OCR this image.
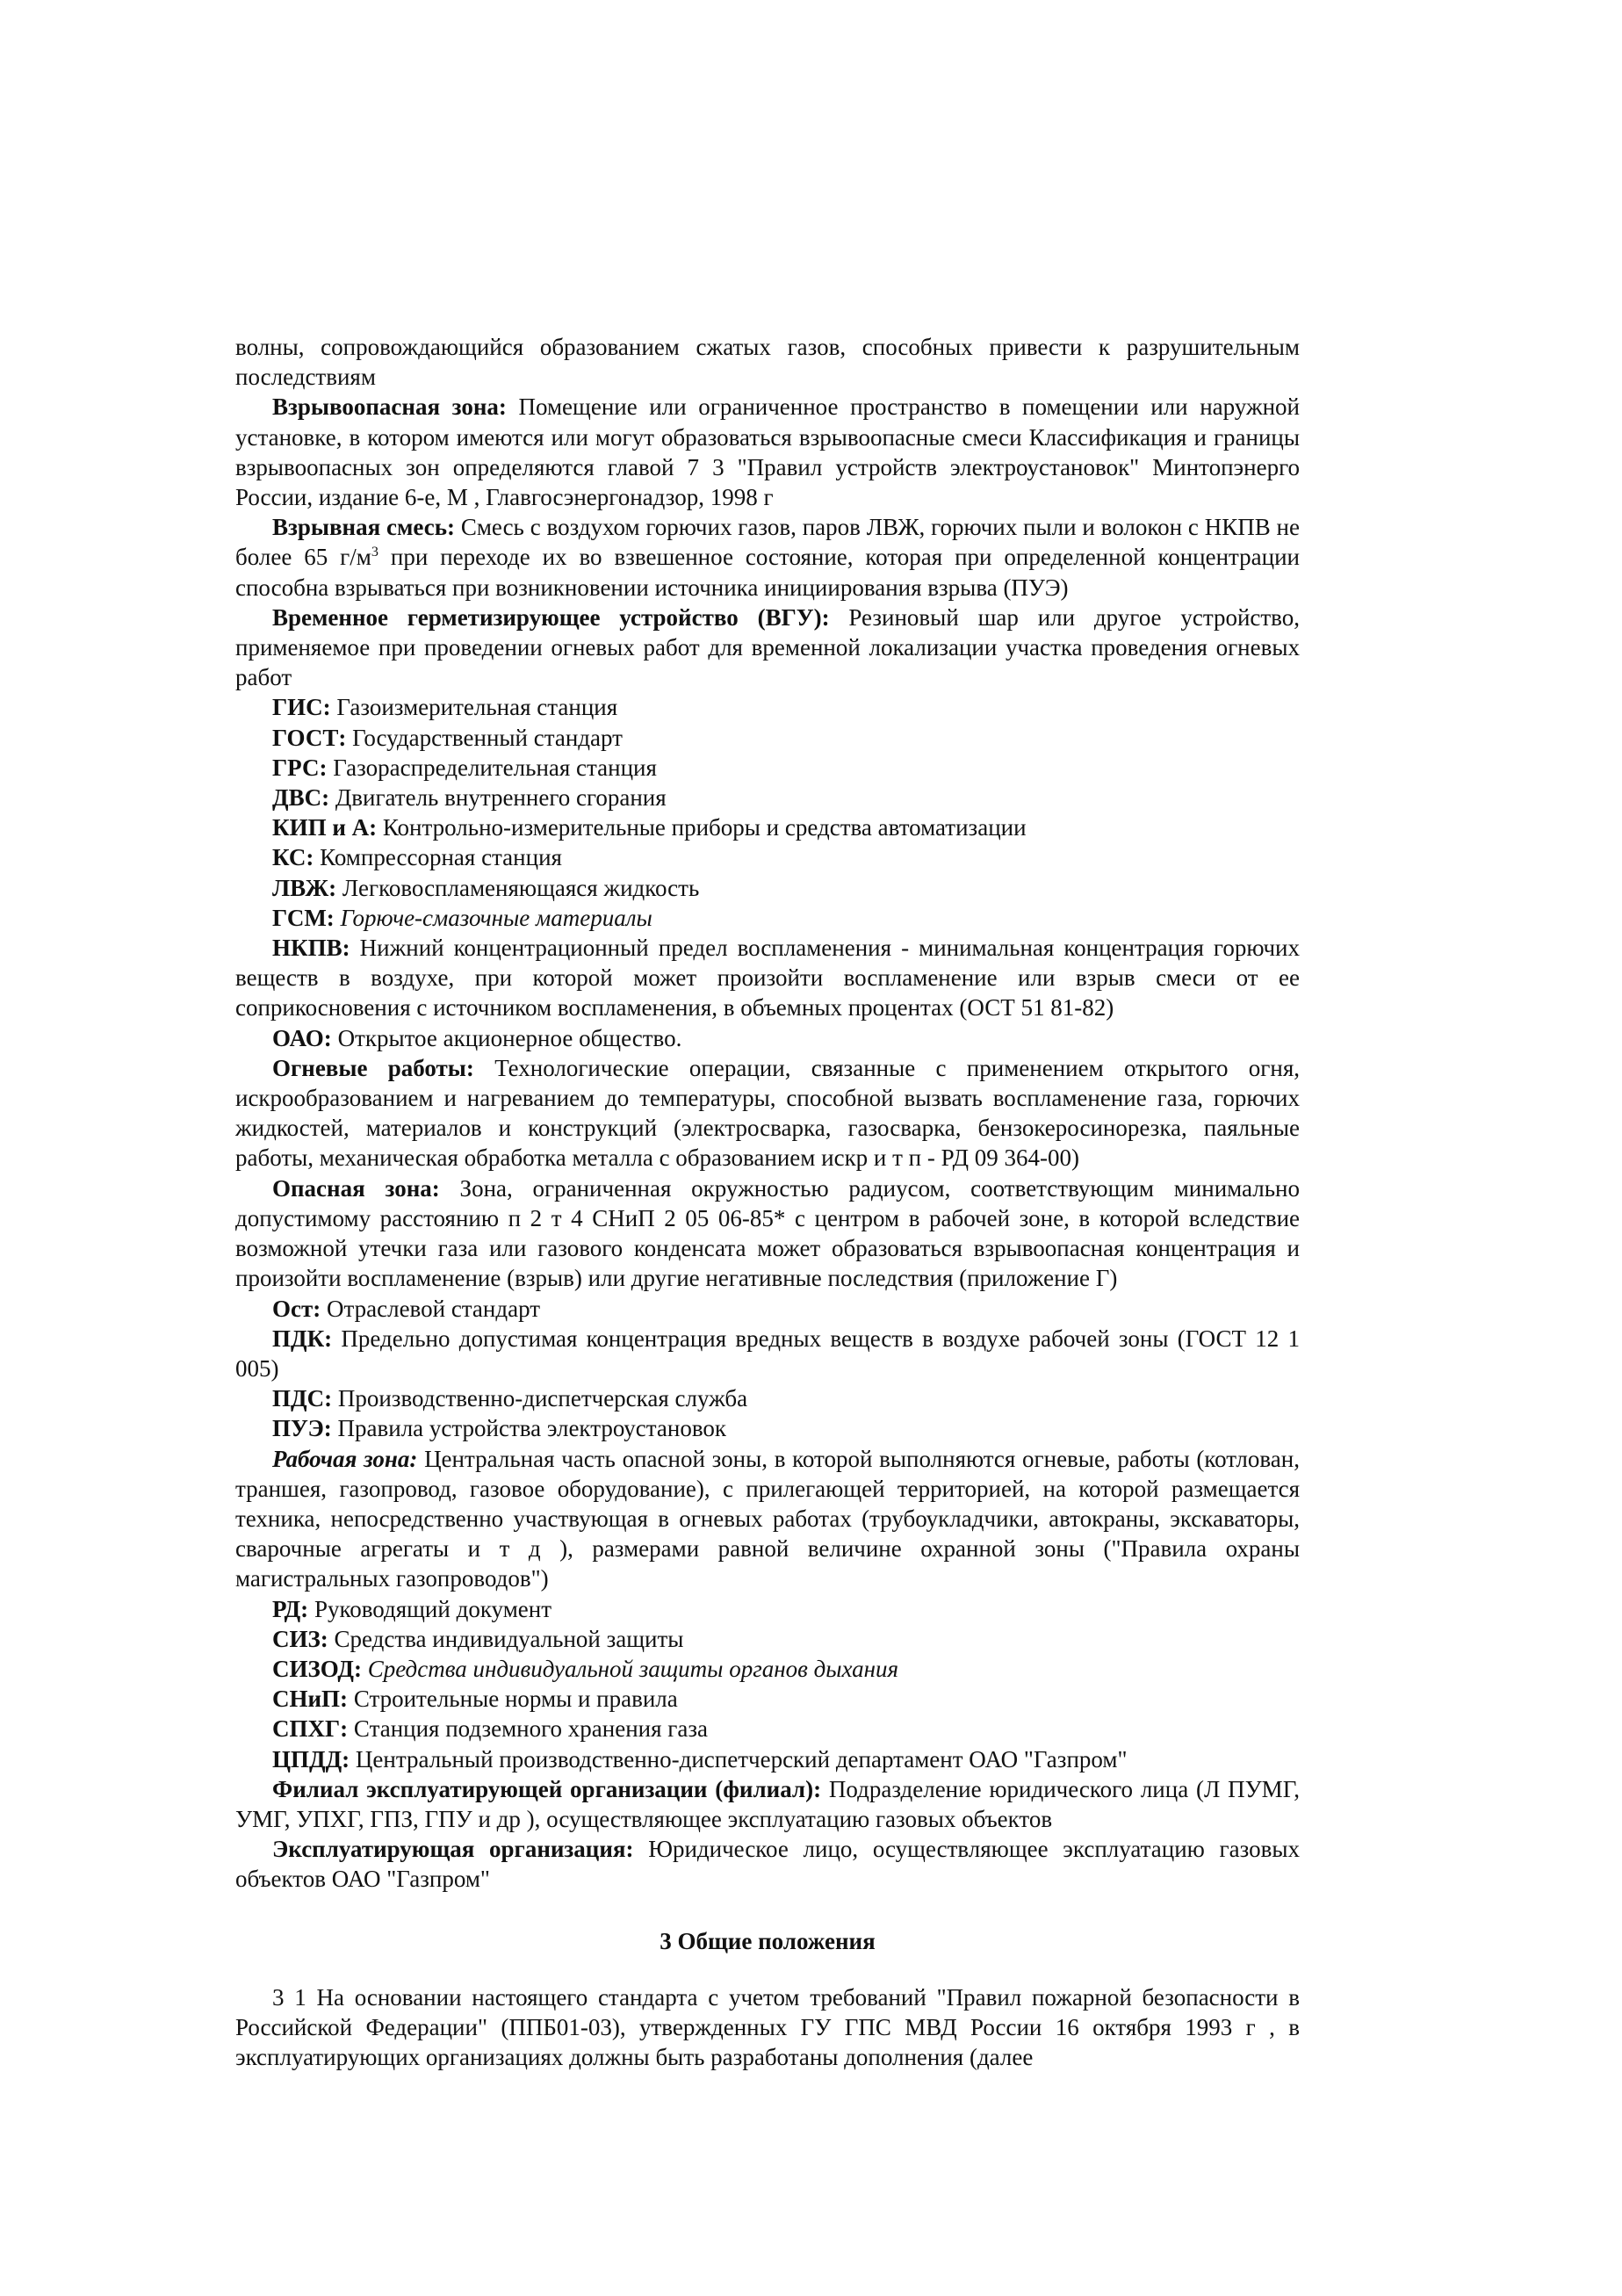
волны, сопровождающийся образованием сжатых газов, способных привести к разрушительным последствиям

Взрывоопасная зона: Помещение или ограниченное пространство в помещении или наружной установке, в котором имеются или могут образоваться взрывоопасные смеси Классификация и границы взрывоопасных зон определяются главой 7 3 "Правил устройств электроустановок" Минтопэнерго России, издание 6-е, М , Главгосэнергонадзор, 1998 г

Взрывная смесь: Смесь с воздухом горючих газов, паров ЛВЖ, горючих пыли и волокон с НКПВ не более 65 $г/м^3$ при переходе их во взвешенное состояние, которая при определенной концентрации способна взрываться при возникновении источника инициирования взрыва (ПУЭ)

Временное герметизирующее устройство (ВГУ): Резиновый шар или другое устройство, применяемое при проведении огневых работ для временной локализации участка проведения огневых работ

ГИС: Газоизмерительная станция

ГОСТ: Государственный стандарт

ГРС: Газораспределительная станция

ДВС: Двигатель внутреннего сгорания

КИП и А: Контрольно-измерительные приборы и средства автоматизации

КС: Компрессорная станция

ЛВЖ: Легковоспламеняющаяся жидкость

ГСМ: Горюче-смазочные материалы

НКПВ: Нижний концентрационный предел воспламенения - минимальная концентрация горючих веществ в воздухе, при которой может произойти воспламенение или взрыв смеси от ее соприкосновения с источником воспламенения, в объемных процентах (ОСТ 51 81-82)

ОАО: Открытое акционерное общество.

Огневые работы: Технологические операции, связанные с применением открытого огня, искрообразованием и нагреванием до температуры, способной вызвать воспламенение газа, горючих жидкостей, материалов и конструкций (электросварка, газосварка, бензокеросинорезка, паяльные работы, механическая обработка металла с образованием искр и т п - РД 09 364-00)

Опасная зона: Зона, ограниченная окружностью радиусом, соответствующим минимально допустимому расстоянию п 2 т 4 СНиП 2 05 06-85* с центром в рабочей зоне, в которой вследствие возможной утечки газа или газового конденсата может образоваться взрывоопасная концентрация и произойти воспламенение (взрыв) или другие негативные последствия (приложение Г)

Ост: Отраслевой стандарт

ПДК: Предельно допустимая концентрация вредных веществ в воздухе рабочей зоны (ГОСТ 12 1 005)

ПДС: Производственно-диспетчерская служба

ПУЭ: Правила устройства электроустановок

Рабочая зона: Центральная часть опасной зоны, в которой выполняются огневые, работы (котлован, траншея, газопровод, газовое оборудование), с прилегающей территорией, на которой размещается техника, непосредственно участвующая в огневых работах (трубоукладчики, автокраны, экскаваторы, сварочные агрегаты и т д ), размерами равной величине охранной зоны ("Правила охраны магистральных газопроводов")

РД: Руководящий документ

СИЗ: Средства индивидуальной защиты

СИЗОД: Средства индивидуальной защиты органов дыхания

СНиП: Строительные нормы и правила

СПХГ: Станция подземного хранения газа

ЦПДД: Центральный производственно-диспетчерский департамент ОАО "Газпром"

Филиал эксплуатирующей организации (филиал): Подразделение юридического лица (Л ПУМГ, УМГ, УПХГ, ГПЗ, ГПУ и др ), осуществляющее эксплуатацию газовых объектов

Эксплуатирующая организация: Юридическое лицо, осуществляющее эксплуатацию газовых объектов ОАО "Газпром"

3 Общие положения

3 1 На основании настоящего стандарта с учетом требований "Правил пожарной безопасности в Российской Федерации" (ППБ01-03), утвержденных ГУ ГПС МВД России 16 октября 1993 г , в эксплуатирующих организациях должны быть разработаны дополнения (далее
